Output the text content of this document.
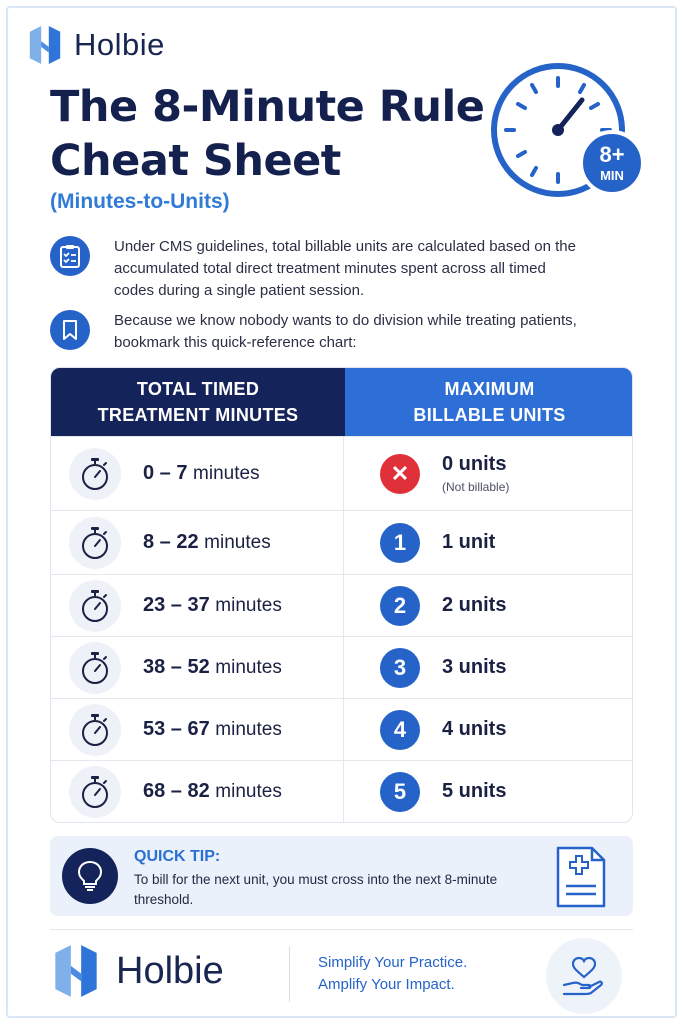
Holbie
The 8-Minute Rule
Cheat Sheet
(Minutes-to-Units)
8+
MIN
Under CMS guidelines, total billable units are calculated based on the accumulated total direct treatment minutes spent across all timed codes during a single patient session.
Because we know nobody wants to do division while treating patients, bookmark this quick-reference chart:
TOTAL TIMED
TREATMENT MINUTES
MAXIMUM
BILLABLE UNITS
0 – 7 minutes	✕	0 units
(Not billable)
8 – 22 minutes	1	1 unit
23 – 37 minutes	2	2 units
38 – 52 minutes	3	3 units
53 – 67 minutes	4	4 units
68 – 82 minutes	5	5 units
QUICK TIP:
To bill for the next unit, you must cross into the next 8-minute threshold.
Holbie	Simplify Your Practice.
Amplify Your Impact.
